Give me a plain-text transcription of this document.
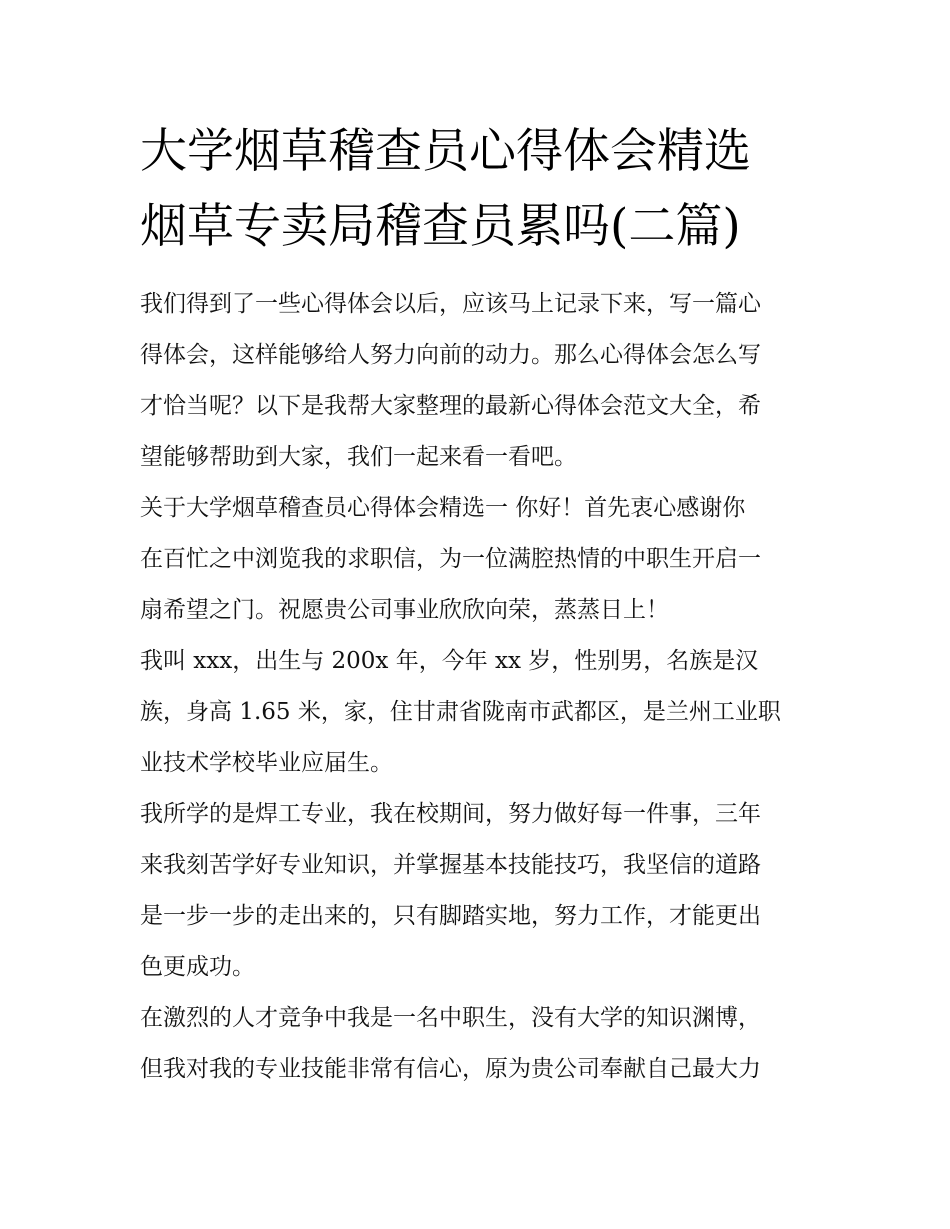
大学烟草稽查员心得体会精选
烟草专卖局稽查员累吗(二篇)

我们得到了一些心得体会以后，应该马上记录下来，写一篇心
得体会，这样能够给人努力向前的动力。那么心得体会怎么写
才恰当呢？以下是我帮大家整理的最新心得体会范文大全，希
望能够帮助到大家，我们一起来看一看吧。

关于大学烟草稽查员心得体会精选一 你好！首先衷心感谢你
在百忙之中浏览我的求职信，为一位满腔热情的中职生开启一
扇希望之门。祝愿贵公司事业欣欣向荣，蒸蒸日上！

我叫 xxx，出生与 200x 年，今年 xx 岁，性别男，名族是汉
族，身高 1.65 米，家，住甘肃省陇南市武都区，是兰州工业职
业技术学校毕业应届生。

我所学的是焊工专业，我在校期间，努力做好每一件事，三年
来我刻苦学好专业知识，并掌握基本技能技巧，我坚信的道路
是一步一步的走出来的，只有脚踏实地，努力工作，才能更出
色更成功。

在激烈的人才竞争中我是一名中职生，没有大学的知识渊博，
但我对我的专业技能非常有信心，原为贵公司奉献自己最大力
